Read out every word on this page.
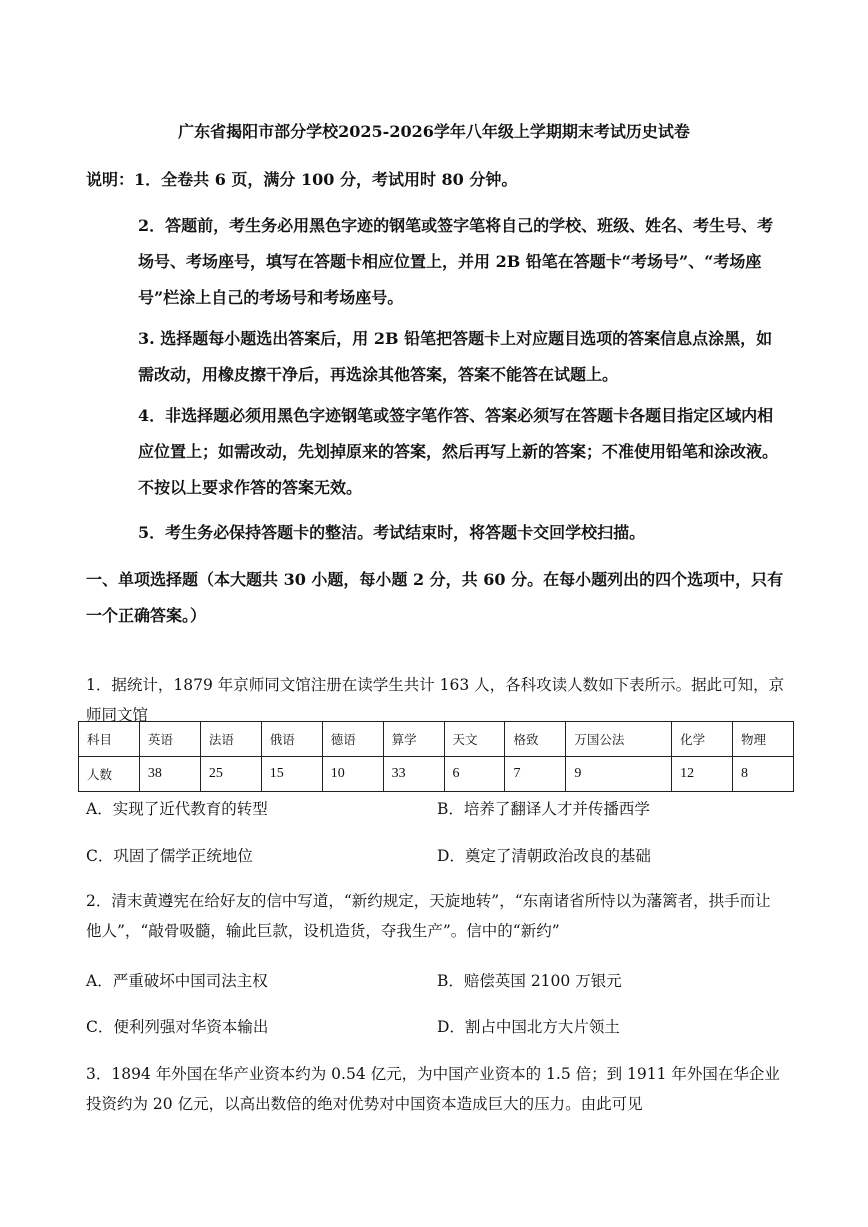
广东省揭阳市部分学校2025-2026学年八年级上学期期末考试历史试卷

说明：1．全卷共 6 页，满分 100 分，考试用时 80 分钟。

2．答题前，考生务必用黑色字迹的钢笔或签字笔将自己的学校、班级、姓名、考生号、考场号、考场座号，填写在答题卡相应位置上，并用 2B 铅笔在答题卡“考场号”、“考场座号”栏涂上自己的考场号和考场座号。

3. 选择题每小题选出答案后，用 2B 铅笔把答题卡上对应题目选项的答案信息点涂黑，如需改动，用橡皮擦干净后，再选涂其他答案，答案不能答在试题上。

4．非选择题必须用黑色字迹钢笔或签字笔作答、答案必须写在答题卡各题目指定区域内相应位置上；如需改动，先划掉原来的答案，然后再写上新的答案；不准使用铅笔和涂改液。不按以上要求作答的答案无效。

5．考生务必保持答题卡的整洁。考试结束时，将答题卡交回学校扫描。

一、单项选择题（本大题共 30 小题，每小题 2 分，共 60 分。在每小题列出的四个选项中，只有一个正确答案。）

1．据统计，1879 年京师同文馆注册在读学生共计 163 人，各科攻读人数如下表所示。据此可知，京师同文馆

科目	英语	法语	俄语	德语	算学	天文	格致	万国公法	化学	物理
人数	38	25	15	10	33	6	7	9	12	8
A．实现了近代教育的转型	B．培养了翻译人才并传播西学
C．巩固了儒学正统地位	D．奠定了清朝政治改良的基础

2．清末黄遵宪在给好友的信中写道，“新约规定，天旋地转”，“东南诸省所恃以为藩篱者，拱手而让他人”，“敲骨吸髓，输此巨款，设机造货，夺我生产”。信中的“新约”

A．严重破坏中国司法主权	B．赔偿英国 2100 万银元
C．便利列强对华资本输出	D．割占中国北方大片领土

3．1894 年外国在华产业资本约为 0.54 亿元，为中国产业资本的 1.5 倍；到 1911 年外国在华企业投资约为 20 亿元，以高出数倍的绝对优势对中国资本造成巨大的压力。由此可见
